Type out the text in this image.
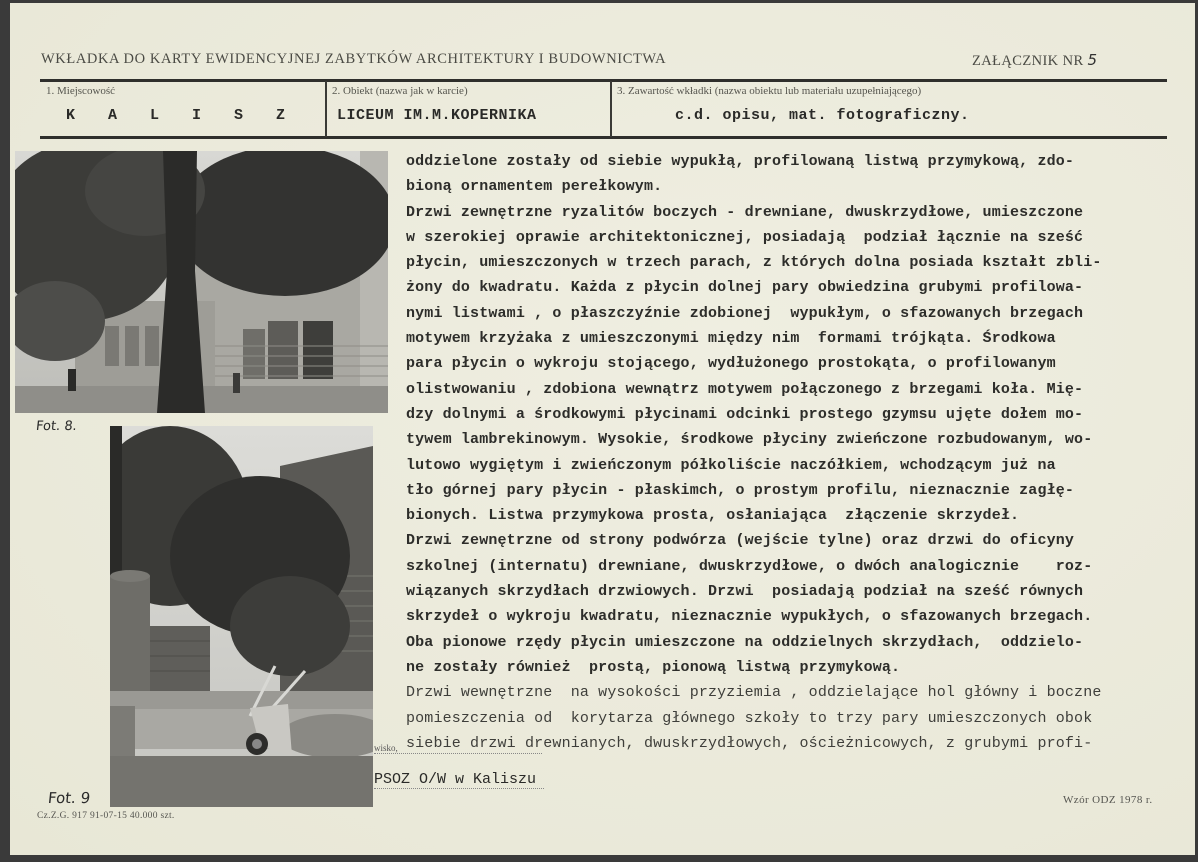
WKŁADKA DO KARTY EWIDENCYJNEJ ZABYTKÓW ARCHITEKTURY I BUDOWNICTWA	ZAŁĄCZNIK NR 5
1. Miejscowość
K A L I S Z
2. Obiekt (nazwa jak w karcie)
LICEUM IM.M.KOPERNIKA
3. Zawartość wkładki (nazwa obiektu lub materiału uzupełniającego)
c.d. opisu, mat. fotograficzny.
Fot. 8.
Fot. 9
oddzielone zostały od siebie wypukłą, profilowaną listwą przymykową, zdo-
bioną ornamentem perełkowym.
Drzwi zewnętrzne ryzalitów boczych - drewniane, dwuskrzydłowe, umieszczone
w szerokiej oprawie architektonicznej, posiadają  podział łącznie na sześć
płycin, umieszczonych w trzech parach, z których dolna posiada kształt zbli-
żony do kwadratu. Każda z płycin dolnej pary obwiedzina grubymi profilowa-
nymi listwami , o płaszczyźnie zdobionej  wypukłym, o sfazowanych brzegach
motywem krzyżaka z umieszczonymi między nim  formami trójkąta. Środkowa
para płycin o wykroju stojącego, wydłużonego prostokąta, o profilowanym
olistwowaniu , zdobiona wewnątrz motywem połączonego z brzegami koła. Mię-
dzy dolnymi a środkowymi płycinami odcinki prostego gzymsu ujęte dołem mo-
tywem lambrekinowym. Wysokie, środkowe płyciny zwieńczone rozbudowanym, wo-
lutowo wygiętym i zwieńczonym półkoliście naczółkiem, wchodzącym już na
tło górnej pary płycin - płaskimch, o prostym profilu, nieznacznie zagłę-
bionych. Listwa przymykowa prosta, osłaniająca  złączenie skrzydeł.
Drzwi zewnętrzne od strony podwórza (wejście tylne) oraz drzwi do oficyny
szkolnej (internatu) drewniane, dwuskrzydłowe, o dwóch analogicznie    roz-
wiązanych skrzydłach drzwiowych. Drzwi  posiadają podział na sześć równych
skrzydeł o wykroju kwadratu, nieznacznie wypukłych, o sfazowanych brzegach.
Oba pionowe rzędy płycin umieszczone na oddzielnych skrzydłach,  oddzielo-
ne zostały również  prostą, pionową listwą przymykową.
Drzwi wewnętrzne  na wysokości przyziemia , oddzielające hol główny i boczne
pomieszczenia od  korytarza głównego szkoły to trzy pary umieszczonych obok
siebie drzwi drewnianych, dwuskrzydłowych, ościeżnicowych, z grubymi profi-
wisko,
PSOZ O/W w Kaliszu
Cz.Z.G. 917 91-07-15 40.000 szt.
Wzór ODZ 1978 r.
